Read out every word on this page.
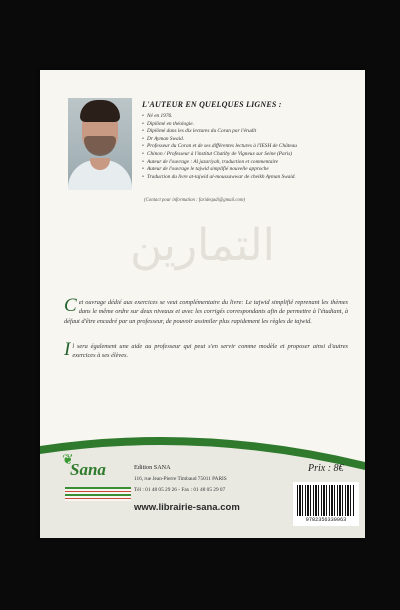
L'AUTEUR EN QUELQUES LIGNES :
• Né en 1976.
• Diplômé en théologie.
• Diplômé dans les dix lectures du Coran par l'érudit
• Dr Ayman Swaid.
• Professeur du Coran et de ses différentes lectures à l'IESH de Château
• Chinon / Professeur à l'institut Chatiby de Vigneux sur Seine (Paris)
• Auteur de l'ouvrage : Al jazariyah, traduction et commentaire
• Auteur de l'ouvrage le tajwid simplifié nouvelle approche
• Traduction du livre at-tajwid al-moussawwar de cheikh Ayman Swaid.
(Contact pour information : farideqadi@gmail.com)
التمارين
Cet ouvrage dédié aux exercices se veut complémentaire du livre: Le tajwid simplifié reprenant les thèmes dans le même ordre sur deux niveaux et avec les corrigés correspondants afin de permettre à l'étudiant, à défaut d'être encadré par un professeur, de pouvoir assimiler plus rapidement les règles de tajwid.
Il sera également une aide au professeur qui peut s'en servir comme modèle et proposer ainsi d'autres exercices à ses élèves.
❦
Sana	Edition SANA
116, rue Jean-Pierre Timbaud 75011 PARIS
Tél : 01 48 05 29 26 - Fax : 01 48 05 29 07
www.librairie-sana.com
Prix : 8€
9782356330963
